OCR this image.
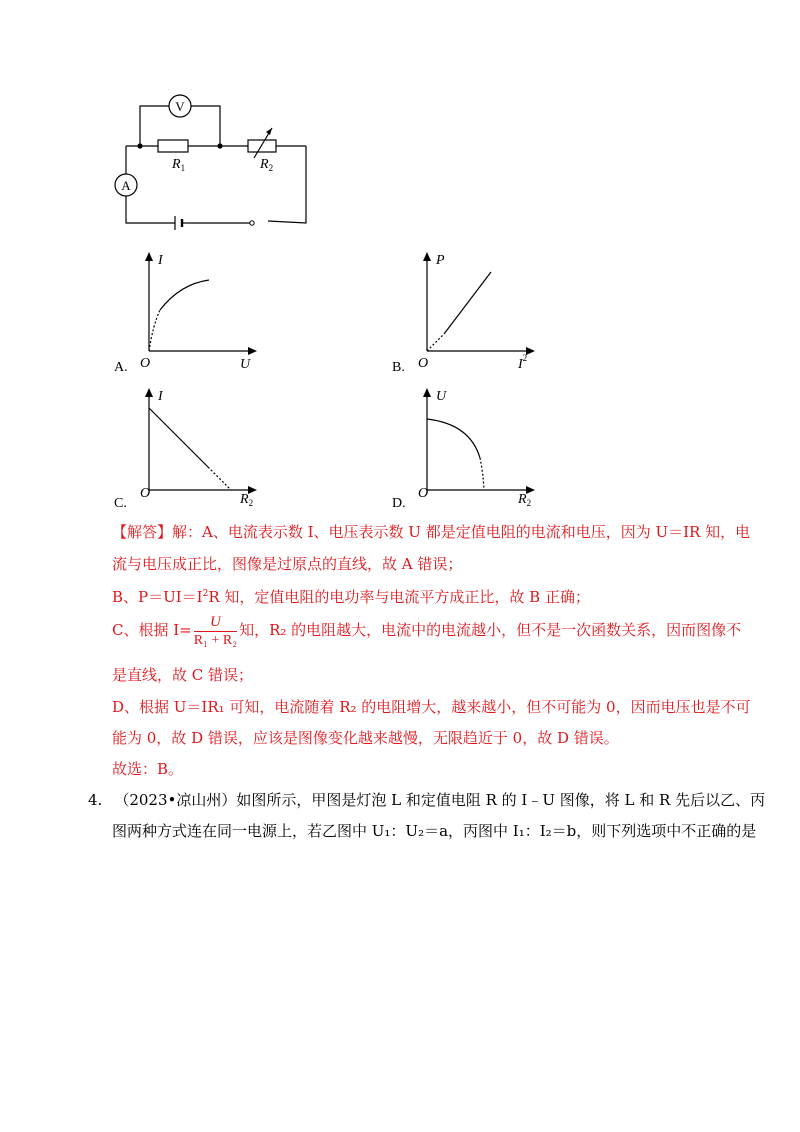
V
$R_1$	$R_2$
A
I
O	U
A.
P
O	$I^2$
B.
I
O	$R_2$
C.
U
O	$R_2$
D.
【解答】解：A、电流表示数 I、电压表示数 U 都是定值电阻的电流和电压，因为 U＝IR 知，电
流与电压成正比，图像是过原点的直线，故 A 错误；
B、$P=UI=I^2R$ 知，定值电阻的电功率与电流平方成正比，故 B 正确；
C、根据 $I= \frac{U}{\text{R₁ + R₂}}$ 知，R₂ 的电阻越大，电流中的电流越小，但不是一次函数关系，因而图像不
是直线，故 C 错误；
D、根据 U＝IR₁ 可知，电流随着 R₂ 的电阻增大，越来越小，但不可能为 0，因而电压也是不可
能为 0，故 D 错误，应该是图像变化越来越慢，无限趋近于 0，故 D 错误。
故选：B。
4. （2023•凉山州）如图所示，甲图是灯泡 L 和定值电阻 R 的 I﹣U 图像，将 L 和 R 先后以乙、丙
图两种方式连在同一电源上，若乙图中 U₁：U₂＝a，丙图中 I₁：I₂＝b，则下列选项中不正确的是
